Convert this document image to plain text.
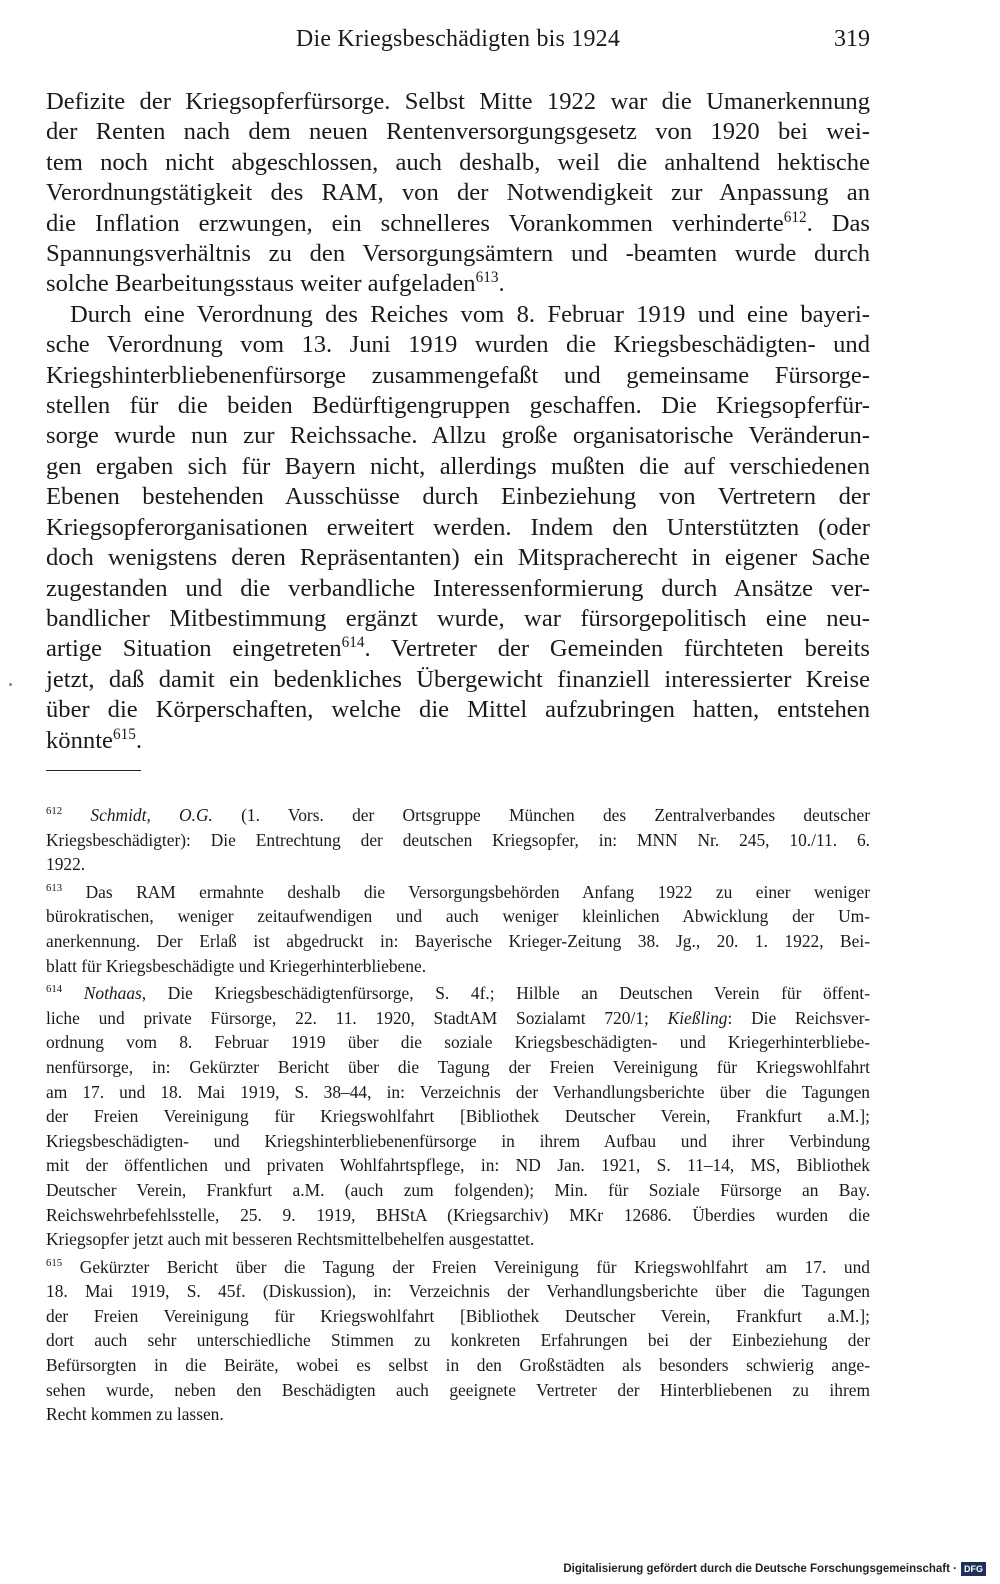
Die Kriegsbeschädigten bis 1924	319

Defizite der Kriegsopferfürsorge. Selbst Mitte 1922 war die Umanerkennung
der Renten nach dem neuen Rentenversorgungsgesetz von 1920 bei wei-
tem noch nicht abgeschlossen, auch deshalb, weil die anhaltend hektische
Verordnungstätigkeit des RAM, von der Notwendigkeit zur Anpassung an
die Inflation erzwungen, ein schnelleres Vorankommen verhinderte$^{612}$. Das
Spannungsverhältnis zu den Versorgungsämtern und -beamten wurde durch
solche Bearbeitungsstaus weiter aufgeladen$^{613}$.

Durch eine Verordnung des Reiches vom 8. Februar 1919 und eine bayeri-
sche Verordnung vom 13. Juni 1919 wurden die Kriegsbeschädigten- und
Kriegshinterbliebenenfürsorge zusammengefaßt und gemeinsame Fürsorge-
stellen für die beiden Bedürftigengruppen geschaffen. Die Kriegsopferfür-
sorge wurde nun zur Reichssache. Allzu große organisatorische Veränderun-
gen ergaben sich für Bayern nicht, allerdings mußten die auf verschiedenen
Ebenen bestehenden Ausschüsse durch Einbeziehung von Vertretern der
Kriegsopferorganisationen erweitert werden. Indem den Unterstützten (oder
doch wenigstens deren Repräsentanten) ein Mitspracherecht in eigener Sache
zugestanden und die verbandliche Interessenformierung durch Ansätze ver-
bandlicher Mitbestimmung ergänzt wurde, war fürsorgepolitisch eine neu-
artige Situation eingetreten$^{614}$. Vertreter der Gemeinden fürchteten bereits
jetzt, daß damit ein bedenkliches Übergewicht finanziell interessierter Kreise
über die Körperschaften, welche die Mittel aufzubringen hatten, entstehen
könnte$^{615}$.

$^{612}$ Schmidt, O.G. (1. Vors. der Ortsgruppe München des Zentralverbandes deutscher
Kriegsbeschädigter): Die Entrechtung der deutschen Kriegsopfer, in: MNN Nr. 245, 10./11. 6.
1922.
$^{613}$ Das RAM ermahnte deshalb die Versorgungsbehörden Anfang 1922 zu einer weniger
bürokratischen, weniger zeitaufwendigen und auch weniger kleinlichen Abwicklung der Um-
anerkennung. Der Erlaß ist abgedruckt in: Bayerische Krieger-Zeitung 38. Jg., 20. 1. 1922, Bei-
blatt für Kriegsbeschädigte und Kriegerhinterbliebene.
$^{614}$ Nothaas, Die Kriegsbeschädigtenfürsorge, S. 4f.; Hilble an Deutschen Verein für öffent-
liche und private Fürsorge, 22. 11. 1920, StadtAM Sozialamt 720/1; Kießling: Die Reichsver-
ordnung vom 8. Februar 1919 über die soziale Kriegsbeschädigten- und Kriegerhinterbliebe-
nenfürsorge, in: Gekürzter Bericht über die Tagung der Freien Vereinigung für Kriegswohlfahrt
am 17. und 18. Mai 1919, S. 38–44, in: Verzeichnis der Verhandlungsberichte über die Tagungen
der Freien Vereinigung für Kriegswohlfahrt [Bibliothek Deutscher Verein, Frankfurt a.M.];
Kriegsbeschädigten- und Kriegshinterbliebenenfürsorge in ihrem Aufbau und ihrer Verbindung
mit der öffentlichen und privaten Wohlfahrtspflege, in: ND Jan. 1921, S. 11–14, MS, Bibliothek
Deutscher Verein, Frankfurt a.M. (auch zum folgenden); Min. für Soziale Fürsorge an Bay.
Reichswehrbefehlsstelle, 25. 9. 1919, BHStA (Kriegsarchiv) MKr 12686. Überdies wurden die
Kriegsopfer jetzt auch mit besseren Rechtsmittelbehelfen ausgestattet.
$^{615}$ Gekürzter Bericht über die Tagung der Freien Vereinigung für Kriegswohlfahrt am 17. und
18. Mai 1919, S. 45f. (Diskussion), in: Verzeichnis der Verhandlungsberichte über die Tagungen
der Freien Vereinigung für Kriegswohlfahrt [Bibliothek Deutscher Verein, Frankfurt a.M.];
dort auch sehr unterschiedliche Stimmen zu konkreten Erfahrungen bei der Einbeziehung der
Befürsorgten in die Beiräte, wobei es selbst in den Großstädten als besonders schwierig ange-
sehen wurde, neben den Beschädigten auch geeignete Vertreter der Hinterbliebenen zu ihrem
Recht kommen zu lassen.
Digitalisierung gefördert durch die Deutsche Forschungsgemeinschaft · DFG
